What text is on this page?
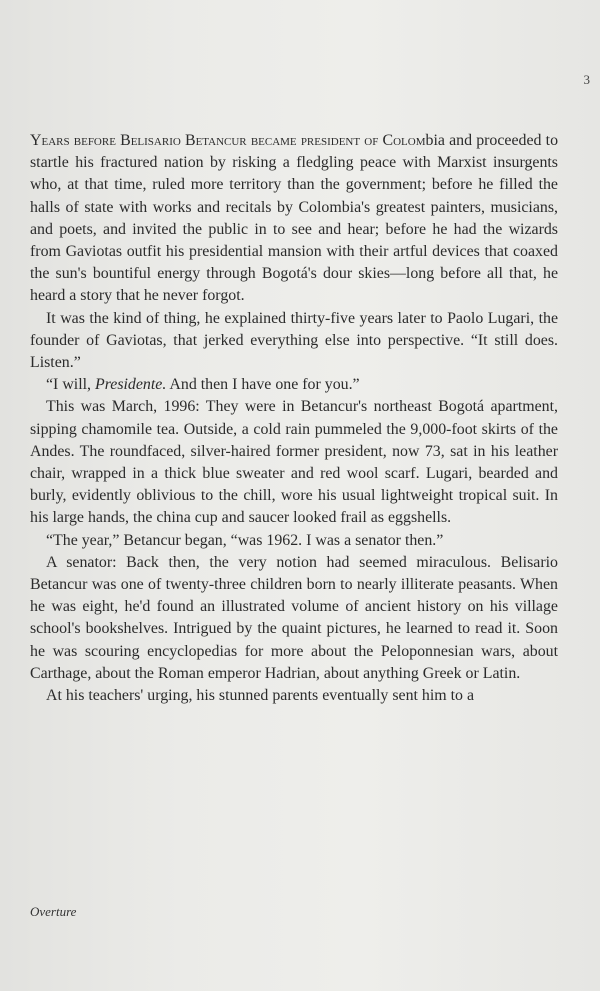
3

Years before Belisario Betancur became president of Colombia and proceeded to startle his fractured nation by risking a fledgling peace with Marxist insurgents who, at that time, ruled more territory than the government; before he filled the halls of state with works and recitals by Colombia's greatest painters, musicians, and poets, and invited the public in to see and hear; before he had the wizards from Gaviotas outfit his presidential mansion with their artful devices that coaxed the sun's bountiful energy through Bogotá's dour skies—long before all that, he heard a story that he never forgot.

It was the kind of thing, he explained thirty-five years later to Paolo Lugari, the founder of Gaviotas, that jerked everything else into perspective. “It still does. Listen.”

“I will, Presidente. And then I have one for you.”

This was March, 1996: They were in Betancur's northeast Bogotá apartment, sipping chamomile tea. Outside, a cold rain pummeled the 9,000-foot skirts of the Andes. The roundfaced, silver-haired former president, now 73, sat in his leather chair, wrapped in a thick blue sweater and red wool scarf. Lugari, bearded and burly, evidently oblivious to the chill, wore his usual lightweight tropical suit. In his large hands, the china cup and saucer looked frail as eggshells.

“The year,” Betancur began, “was 1962. I was a senator then.”

A senator: Back then, the very notion had seemed miraculous. Belisario Betancur was one of twenty-three children born to nearly illiterate peasants. When he was eight, he'd found an illustrated volume of ancient history on his village school's bookshelves. Intrigued by the quaint pictures, he learned to read it. Soon he was scouring encyclopedias for more about the Peloponnesian wars, about Carthage, about the Roman emperor Hadrian, about anything Greek or Latin.

At his teachers' urging, his stunned parents eventually sent him to a

Overture
